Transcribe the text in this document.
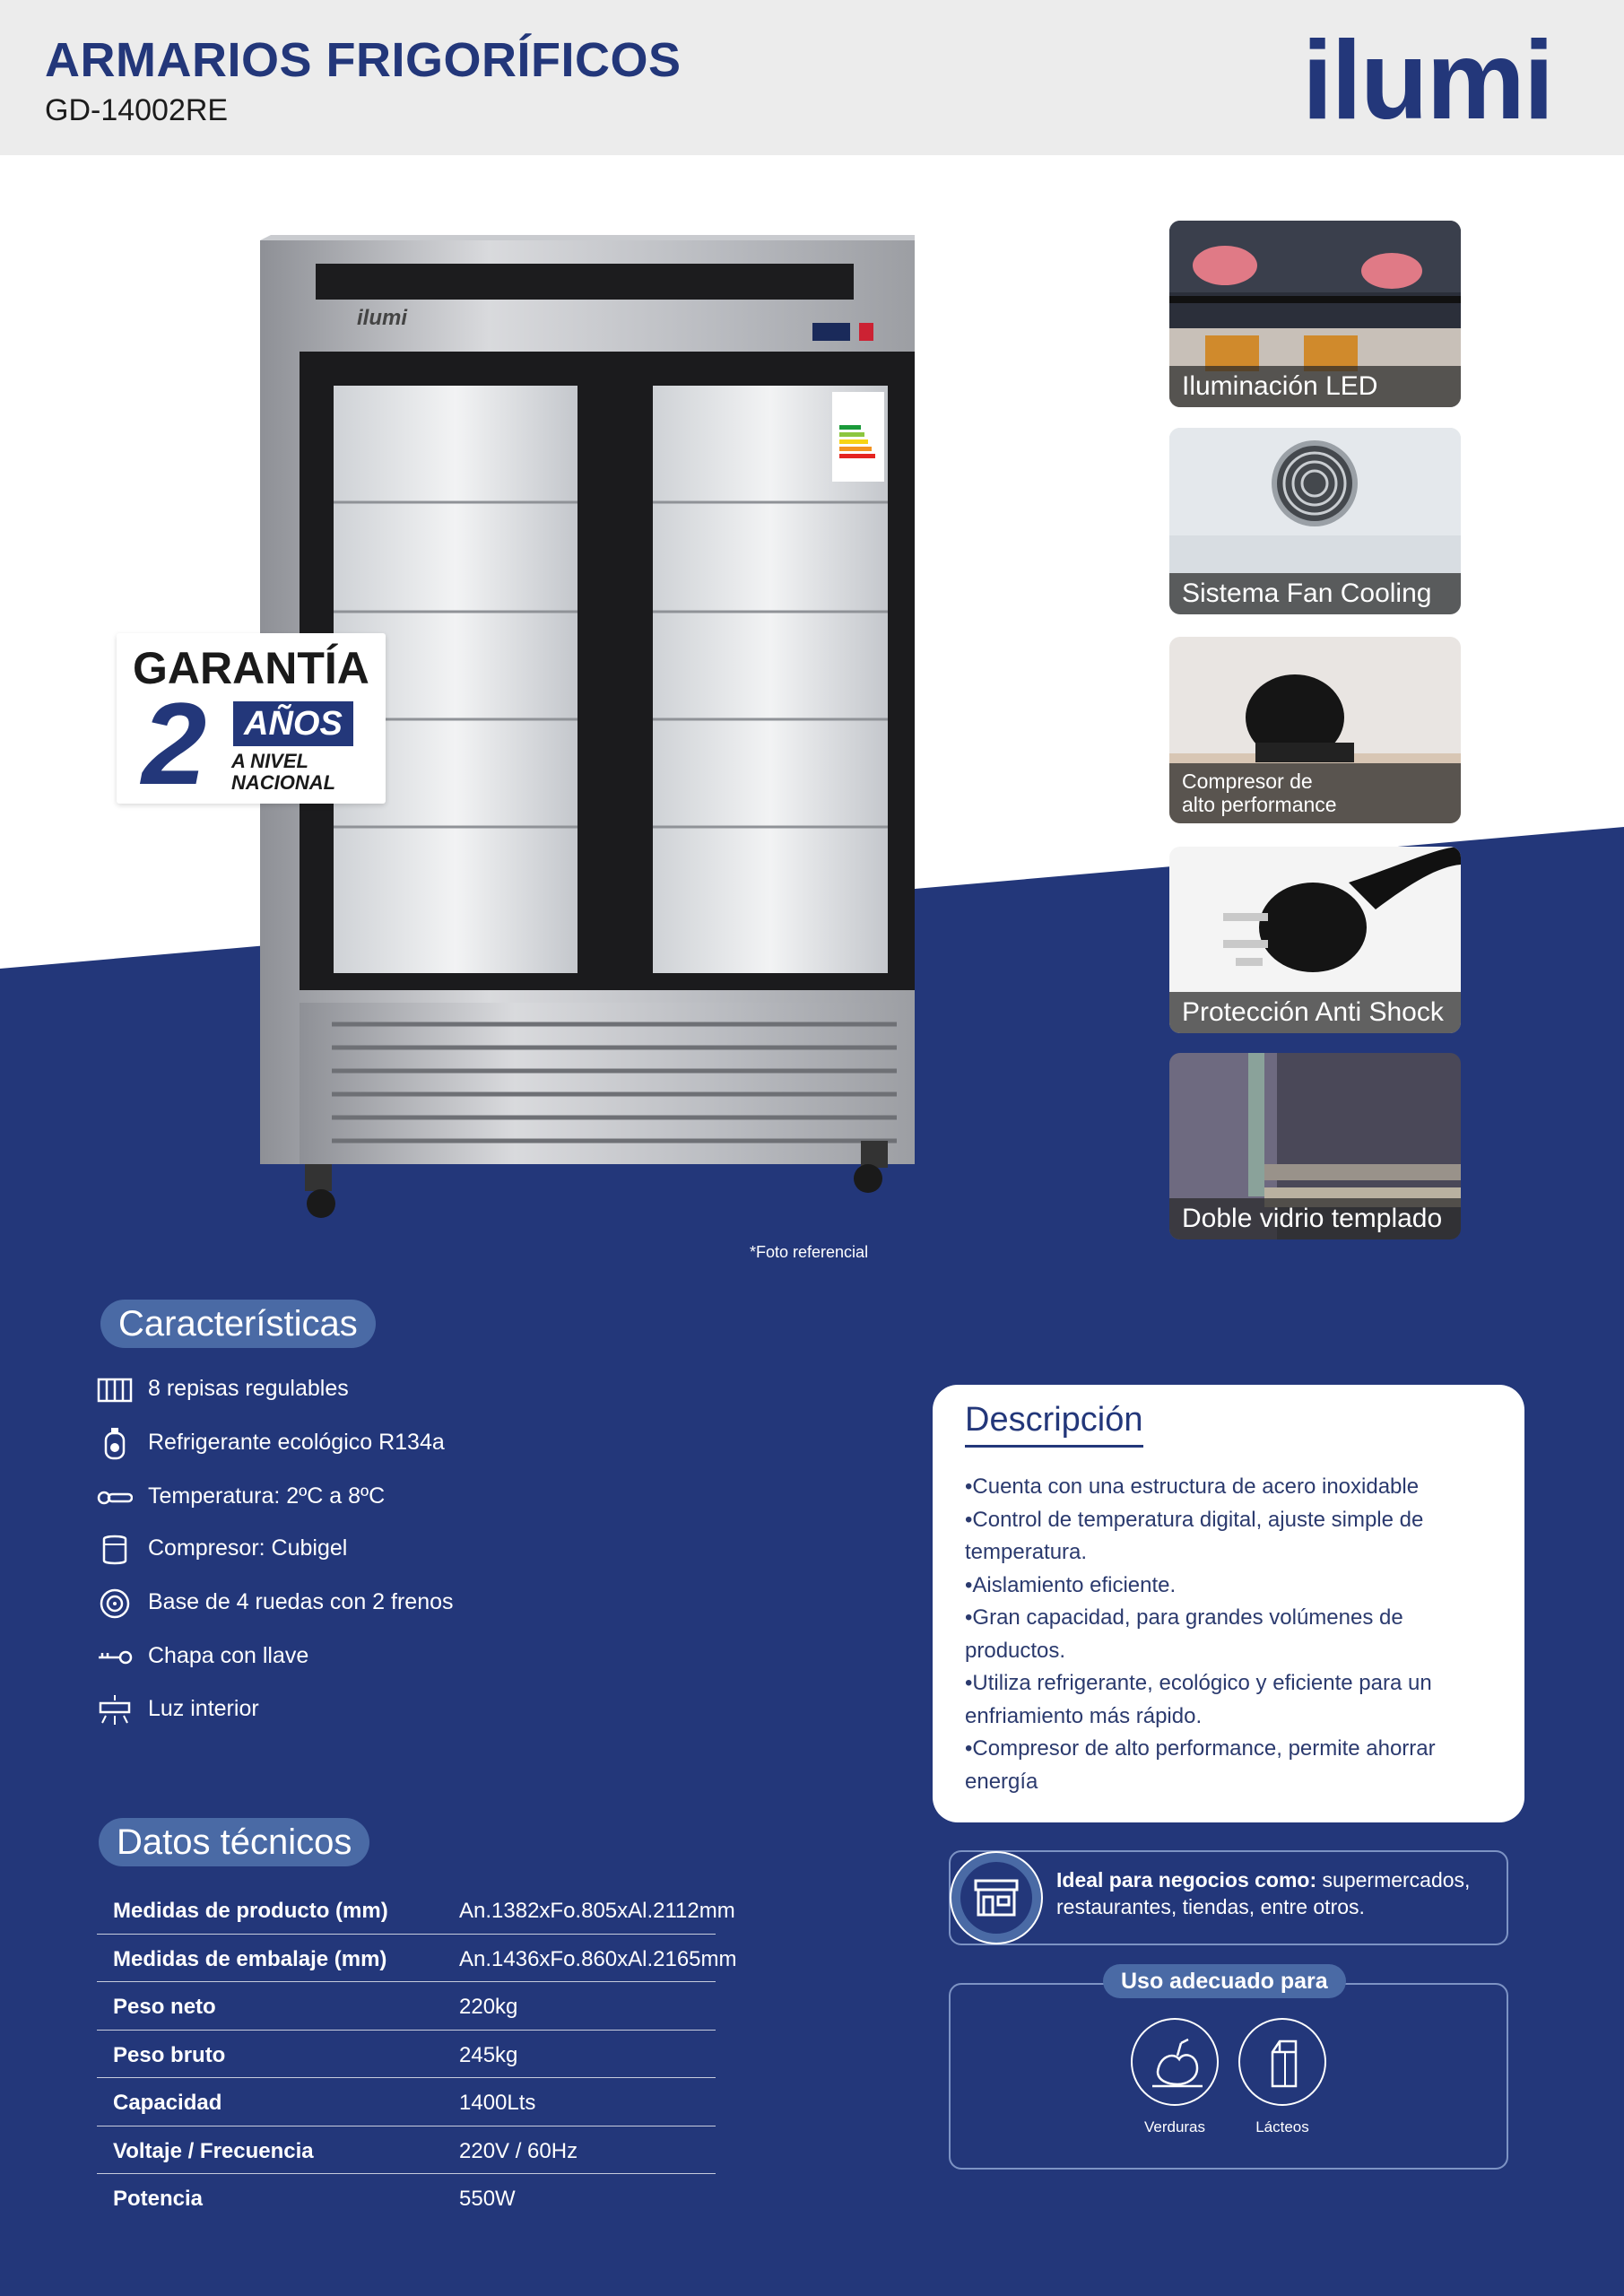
ARMARIOS FRIGORÍFICOS
GD-14002RE	ilumi
ilumi
*Foto referencial
GARANTÍA
2	AÑOS
A NIVEL
NACIONAL
Iluminación LED
Sistema Fan Cooling
Compresor de
alto performance
Protección Anti Shock
Doble vidrio templado
Características
8 repisas regulables
Refrigerante ecológico R134a
Temperatura: 2ºC a 8ºC
Compresor: Cubigel
Base de 4 ruedas con 2 frenos
Chapa con llave
Luz interior
Descripción
•Cuenta con una estructura de acero inoxidable
•Control de temperatura digital, ajuste simple de
temperatura.
•Aislamiento eficiente.
•Gran capacidad, para grandes volúmenes de
productos.
•Utiliza refrigerante, ecológico y eficiente para un
enfriamiento más rápido.
•Compresor de alto performance, permite ahorrar
energía
Datos técnicos
Medidas de producto (mm)	An.1382xFo.805xAl.2112mm
Medidas de embalaje (mm)	An.1436xFo.860xAl.2165mm
Peso neto	220kg
Peso bruto	245kg
Capacidad	1400Lts
Voltaje / Frecuencia	220V / 60Hz
Potencia	550W
Ideal para negocios como: supermercados, restaurantes, tiendas, entre otros.
Uso adecuado para
Verduras	Lácteos
